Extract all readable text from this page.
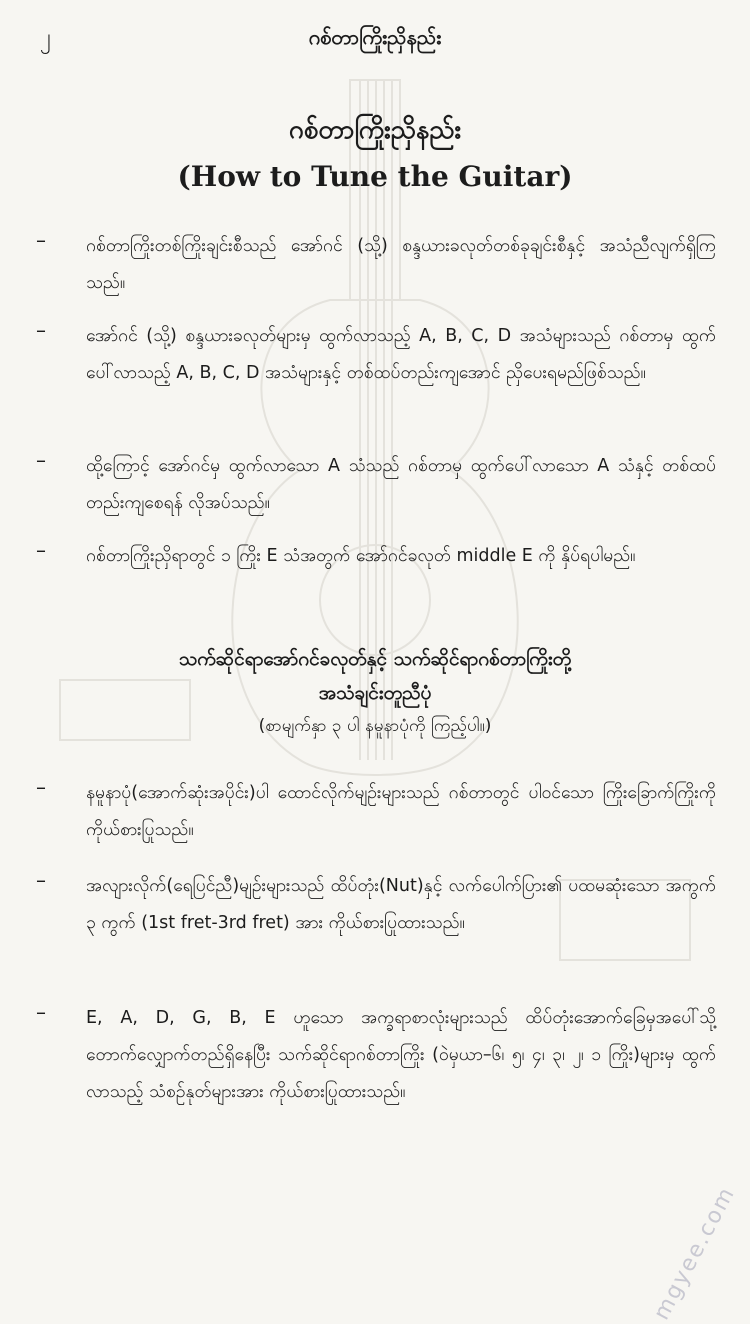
၂	ဂစ်တာကြိုးညှိနည်း
ဂစ်တာကြိုးညှိနည်း
(How to Tune the Guitar)
–	ဂစ်တာကြိုးတစ်ကြိုးချင်းစီသည် အော်ဂင် (သို့) စန္ဒယားခလုတ်တစ်ခုချင်းစီနှင့် အသံညီလျက်ရှိကြသည်။
–	အော်ဂင် (သို့) စန္ဒယားခလုတ်များမှ ထွက်လာသည့် A, B, C, D အသံများသည် ဂစ်တာမှ ထွက်ပေါ်လာသည့် A, B, C, D အသံများနှင့် တစ်ထပ်တည်းကျအောင် ညှိပေးရမည်ဖြစ်သည်။
–	ထို့ကြောင့် အော်ဂင်မှ ထွက်လာသော A သံသည် ဂစ်တာမှ ထွက်ပေါ်လာသော A သံနှင့် တစ်ထပ်တည်းကျစေရန် လိုအပ်သည်။
–	ဂစ်တာကြိုးညှိရာတွင် ၁ ကြိုး E သံအတွက် အော်ဂင်ခလုတ် middle E ကို နှိပ်ရပါမည်။
သက်ဆိုင်ရာအော်ဂင်ခလုတ်နှင့် သက်ဆိုင်ရာဂစ်တာကြိုးတို့
အသံချင်းတူညီပုံ
(စာမျက်နှာ ၃ ပါ နမူနာပုံကို ကြည့်ပါ။)
–	နမူနာပုံ(အောက်ဆုံးအပိုင်း)ပါ ထောင်လိုက်မျဉ်းများသည် ဂစ်တာတွင် ပါဝင်သော ကြိုးခြောက်ကြိုးကို ကိုယ်စားပြုသည်။
–	အလျားလိုက်(ရေပြင်ညီ)မျဉ်းများသည် ထိပ်တုံး(Nut)နှင့် လက်ပေါက်ပြား၏ ပထမဆုံးသော အကွက် ၃ ကွက် (1st fret-3rd fret) အား ကိုယ်စားပြုထားသည်။
–	E, A, D, G, B, E ဟူသော အက္ခရာစာလုံးများသည် ထိပ်တုံးအောက်ခြေမှအပေါ်သို့ တောက်လျှောက်တည်ရှိနေပြီး သက်ဆိုင်ရာဂစ်တာကြိုး (ဝဲမှယာ–၆၊ ၅၊ ၄၊ ၃၊ ၂၊ ၁ ကြိုး)များမှ ထွက်လာသည့် သံစဉ်နုတ်များအား ကိုယ်စားပြုထားသည်။
mgyee.com
